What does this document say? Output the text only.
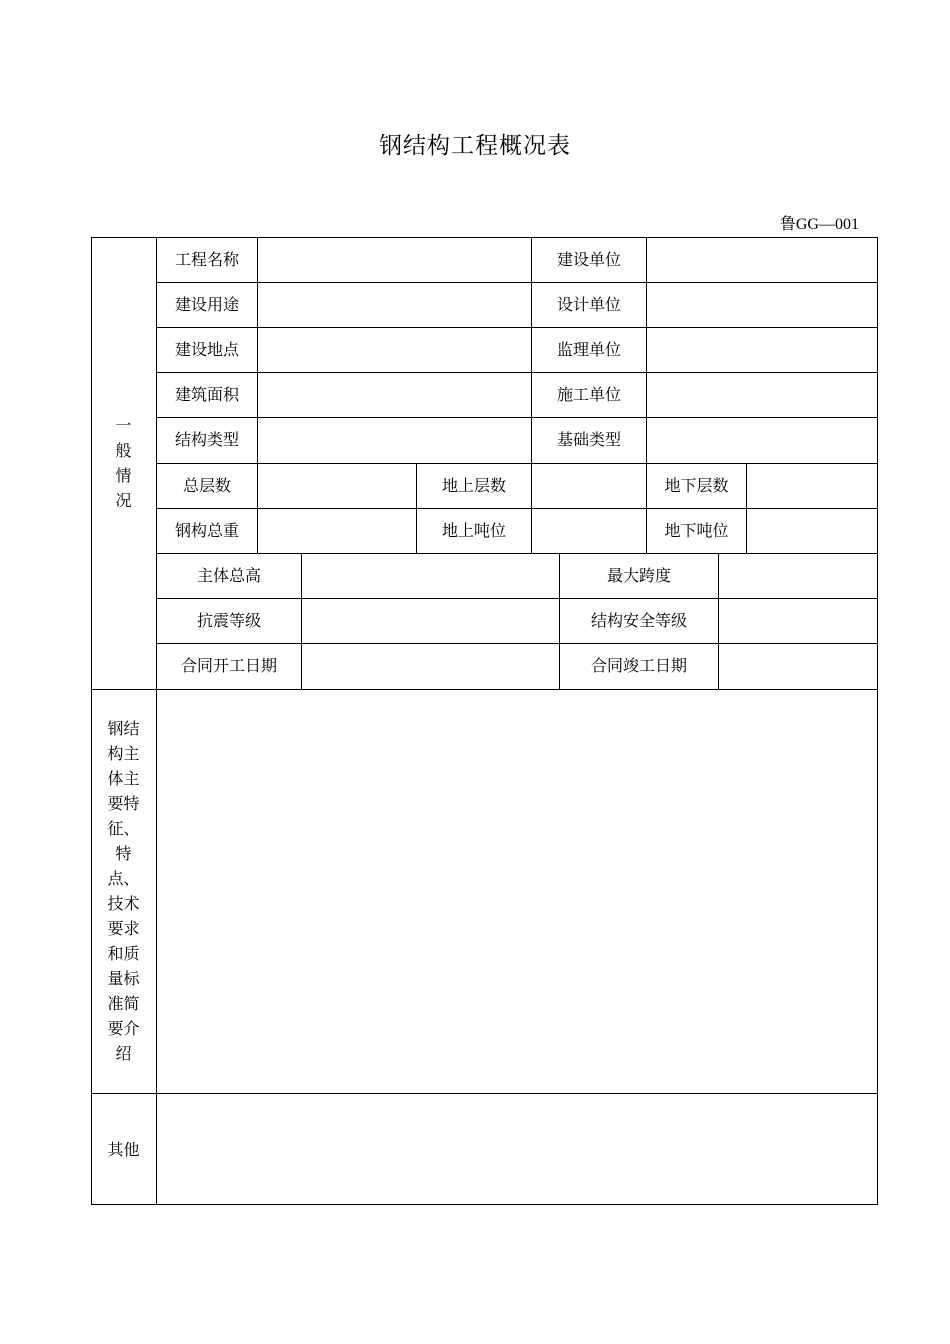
钢结构工程概况表
鲁GG—001
一
般
情
况
钢结
构主
体主
要特
征、
特
点、
技术
要求
和质
量标
准简
要介
绍
其他
工程名称	建设单位
建设用途	设计单位
建设地点	监理单位
建筑面积	施工单位
结构类型	基础类型
总层数	地上层数	地下层数
钢构总重	地上吨位	地下吨位
主体总高	最大跨度
抗震等级	结构安全等级
合同开工日期	合同竣工日期
